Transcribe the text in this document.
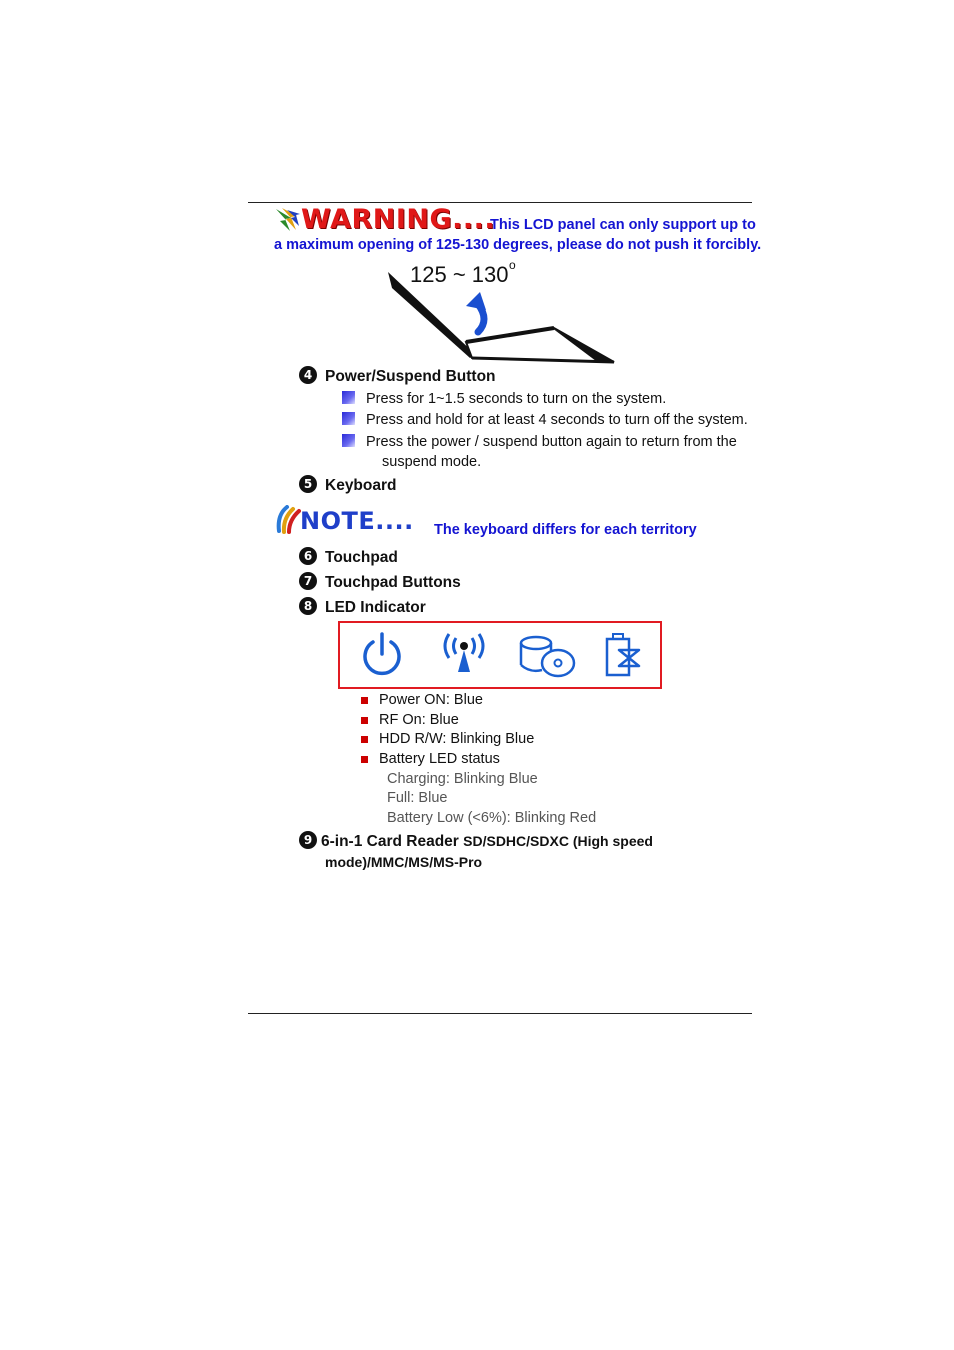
WARNING....
This LCD panel can only support up to
a maximum opening of 125-130 degrees, please do not push it forcibly.
125 ~ 130 o
4 Power/Suspend Button
Press for 1~1.5 seconds to turn on the system.
Press and hold for at least 4 seconds to turn off the system.
Press the power / suspend button again to return from the
suspend mode.
5 Keyboard
NOTE.... The keyboard differs for each territory
6 Touchpad
7 Touchpad Buttons
8 LED Indicator
Power ON: Blue
RF On: Blue
HDD R/W: Blinking Blue
Battery LED status
Charging: Blinking Blue
Full: Blue
Battery Low (<6%): Blinking Red
9 6-in-1 Card Reader SD/SDHC/SDXC (High speed
mode)/MMC/MS/MS-Pro
